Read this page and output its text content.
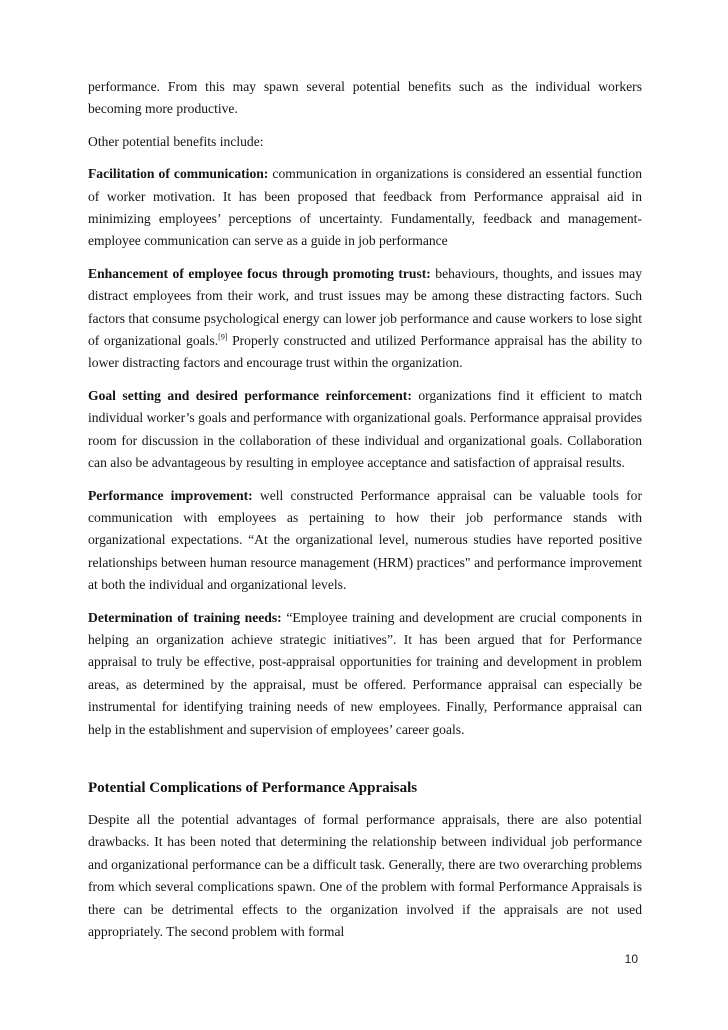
performance. From this may spawn several potential benefits such as the individual workers becoming more productive.

Other potential benefits include:

Facilitation of communication: communication in organizations is considered an essential function of worker motivation. It has been proposed that feedback from Performance appraisal aid in minimizing employees’ perceptions of uncertainty. Fundamentally, feedback and management-employee communication can serve as a guide in job performance

Enhancement of employee focus through promoting trust: behaviours, thoughts, and issues may distract employees from their work, and trust issues may be among these distracting factors. Such factors that consume psychological energy can lower job performance and cause workers to lose sight of organizational goals.[9] Properly constructed and utilized Performance appraisal has the ability to lower distracting factors and encourage trust within the organization.

Goal setting and desired performance reinforcement: organizations find it efficient to match individual worker’s goals and performance with organizational goals. Performance appraisal provides room for discussion in the collaboration of these individual and organizational goals. Collaboration can also be advantageous by resulting in employee acceptance and satisfaction of appraisal results.

Performance improvement: well constructed Performance appraisal can be valuable tools for communication with employees as pertaining to how their job performance stands with organizational expectations. “At the organizational level, numerous studies have reported positive relationships between human resource management (HRM) practices" and performance improvement at both the individual and organizational levels.

Determination of training needs: “Employee training and development are crucial components in helping an organization achieve strategic initiatives”. It has been argued that for Performance appraisal to truly be effective, post-appraisal opportunities for training and development in problem areas, as determined by the appraisal, must be offered. Performance appraisal can especially be instrumental for identifying training needs of new employees. Finally, Performance appraisal can help in the establishment and supervision of employees’ career goals.

Potential Complications of Performance Appraisals

Despite all the potential advantages of formal performance appraisals, there are also potential drawbacks. It has been noted that determining the relationship between individual job performance and organizational performance can be a difficult task. Generally, there are two overarching problems from which several complications spawn. One of the problem with formal Performance Appraisals is there can be detrimental effects to the organization involved if the appraisals are not used appropriately. The second problem with formal

10
